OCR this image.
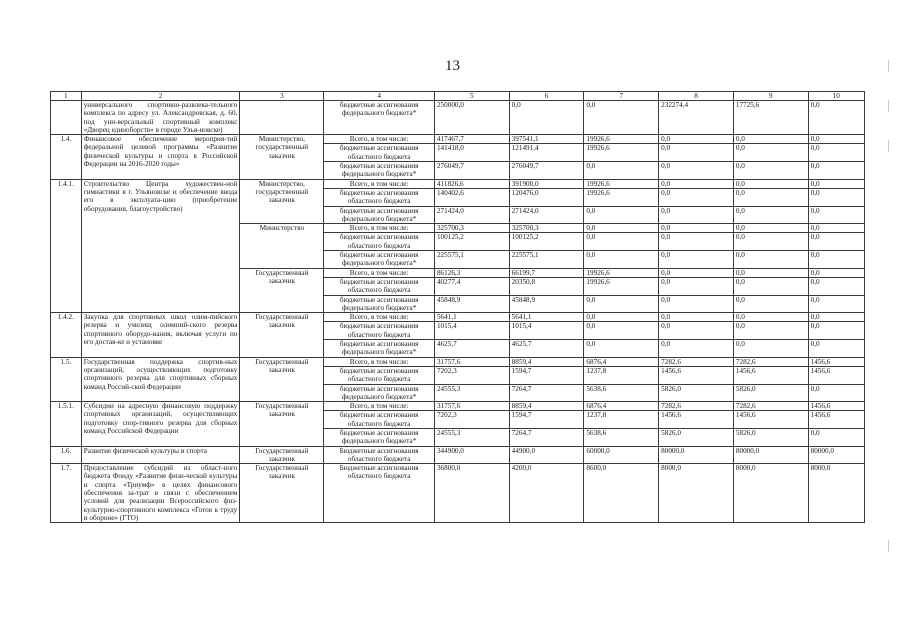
13
1	2	3	4	5	6	7	8	9	10
	универсального спортивно-развлека-тельного комплекса по адресу ул. Александровская, д. 60, под уни-версальный спортивный комплекс «Дворец единоборств» в городе Улья-новске)		бюджетные ассигнования федерального бюджета*	250000,0	0,0	0,0	232274,4	17725,6	0,0
1.4.	Финансовое обеспечение мероприя-тий федеральной целевой программы «Развитие физической культуры и спорта в Российской Федерации на 2016-2020 годы»	Министерство, государственный заказчик	Всего, в том числе:	417467,7	397541,1	19926,6	0,0	0,0	0,0
			бюджетные ассигнования областного бюджета	141418,0	121491,4	19926,6	0,0	0,0	0,0
			бюджетные ассигнования федерального бюджета*	276049,7	276049,7	0,0	0,0	0,0	0,0
1.4.1.	Строительство Центра художествен-ной гимнастики в г. Ульяновске и обеспечение ввода его в эксплуата-цию (приобретение оборудования, благоустройство)	Министерство, государственный заказчик	Всего, в том числе:	411826,6	391900,0	19926,6	0,0	0,0	0,0
			бюджетные ассигнования областного бюджета	140402,6	120476,0	19926,6	0,0	0,0	0,0
			бюджетные ассигнования федерального бюджета*	271424,0	271424,0	0,0	0,0	0,0	0,0
		Министерство	Всего, в том числе:	325700,3	325700,3	0,0	0,0	0,0	0,0
			бюджетные ассигнования областного бюджета	100125,2	100125,2	0,0	0,0	0,0	0,0
			бюджетные ассигнования федерального бюджета*	225575,1	225575,1	0,0	0,0	0,0	0,0
		Государственный заказчик	Всего, в том числе:	86126,3	66199,7	19926,6	0,0	0,0	0,0
			бюджетные ассигнования областного бюджета	40277,4	20350,8	19926,6	0,0	0,0	0,0
			бюджетные ассигнования федерального бюджета*	45848,9	45848,9	0,0	0,0	0,0	0,0
1.4.2.	Закупка для спортивных школ олим-пийского резерва и училищ олимпий-ского резерва спортивного оборудо-вания, включая услуги по его достав-ке и установке	Государственный заказчик	Всего, в том числе:	5641,1	5641,1	0,0	0,0	0,0	0,0
			бюджетные ассигнования областного бюджета	1015,4	1015,4	0,0	0,0	0,0	0,0
			бюджетные ассигнования федерального бюджета*	4625,7	4625,7	0,0	0,0	0,0	0,0
1.5.	Государственная поддержка спортив-ных организаций, осуществляющих подготовку спортивного резерва для спортивных сборных команд Россий-ской Федерации	Государственный заказчик	Всего, в том числе:	31757,6	8859,4	6876,4	7282,6	7282,6	1456,6
			бюджетные ассигнования областного бюджета	7202,3	1594,7	1237,8	1456,6	1456,6	1456,6
			бюджетные ассигнования федерального бюджета*	24555,3	7264,7	5638,6	5826,0	5826,0	0,0
1.5.1.	Субсидии на адресную финансовую поддержку спортивных организаций, осуществляющих подготовку спор-тивного резерва для сборных команд Российской Федерации	Государственный заказчик	Всего, в том числе:	31757,6	8859,4	6876,4	7282,6	7282,6	1456,6
			бюджетные ассигнования областного бюджета	7202,3	1594,7	1237,8	1456,6	1456,6	1456,6
			бюджетные ассигнования федерального бюджета*	24555,3	7264,7	5638,6	5826,0	5826,0	0,0
1.6.	Развитие физической культуры и спорта	Государственный заказчик	Бюджетные ассигнования областного бюджета	344900,0	44900,0	60000,0	80000,0	80000,0	80000,0
1.7.	Предоставление субсидий из област-ного бюджета Фонду «Развитие физи-ческой культуры и спорта «Триумф» в целях финансового обеспечения за-трат в связи с обеспечением условий для реализации Всероссийского физ-культурно-спортивного комплекса «Готов к труду и обороне» (ГТО)	Государственный заказчик	Бюджетные ассигнования областного бюджета	36800,0	4200,0	8600,0	8000,0	8000,0	8000,0
